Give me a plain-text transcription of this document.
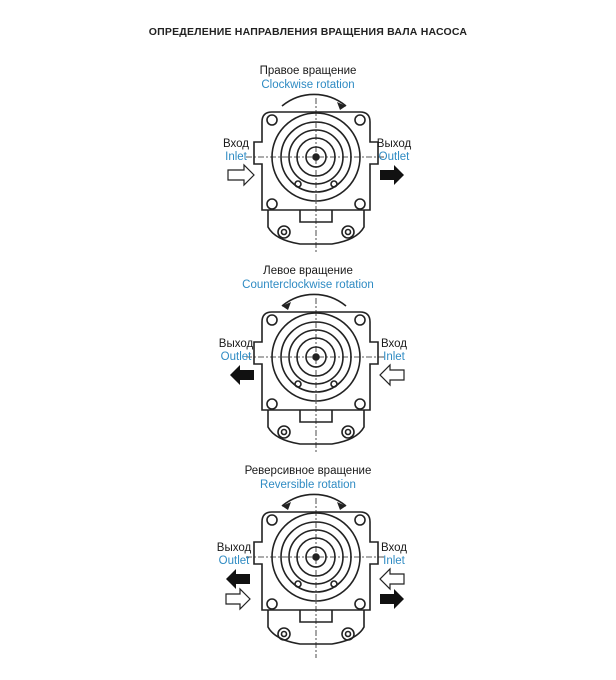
ОПРЕДЕЛЕНИЕ НАПРАВЛЕНИЯ ВРАЩЕНИЯ ВАЛА НАСОСА
Правое вращение
Clockwise rotation
Вход
Inlet
Выход
Outlet
Левое вращение
Counterclockwise rotation
Выход
Outlet
Вход
Inlet
Реверсивное вращение
Reversible rotation
Выход
Outlet
Вход
Inlet
